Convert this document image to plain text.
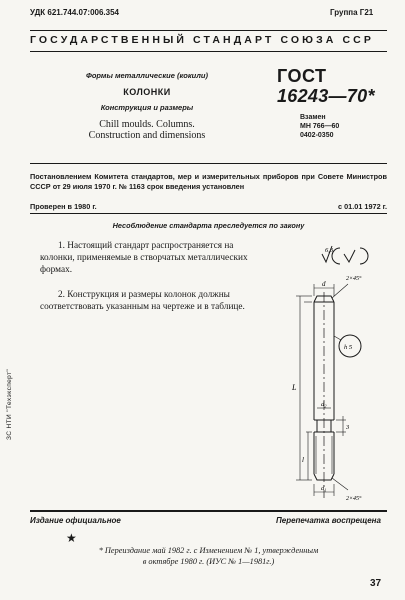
УДК 621.744.07:006.354	Группа Г21
ГОСУДАРСТВЕННЫЙ СТАНДАРТ СОЮЗА ССР
Формы металлические (кокили)
КОЛОНКИ
Конструкция и размеры
Chill moulds. Columns.
Construction and dimensions
ГОСТ
16243—70*
Взамен
МН 766—60
0402-0350
Постановлением Комитета стандартов, мер и измерительных приборов при Совете Министров СССР от 29 июля 1970 г. № 1163 срок введения установлен
Проверен в 1980 г.	с 01.01 1972 г.
Несоблюдение стандарта преследуется по закону
1. Настоящий стандарт распространяется на колонки, применяемые в створчатых металлических формах.
2. Конструкция и размеры колонок должны соответствовать указанным на чертеже и в таблице.
6,3
d
2×45°
L
l
d₂
3
2×45°
d₁
h 5
ЗС НТИ "Техэксперт"
Издание официальное	Перепечатка воспрещена
★
* Переиздание май 1982 г. с Изменением № 1, утвержденным
в октябре 1980 г. (ИУС № 1—1981г.)
37
